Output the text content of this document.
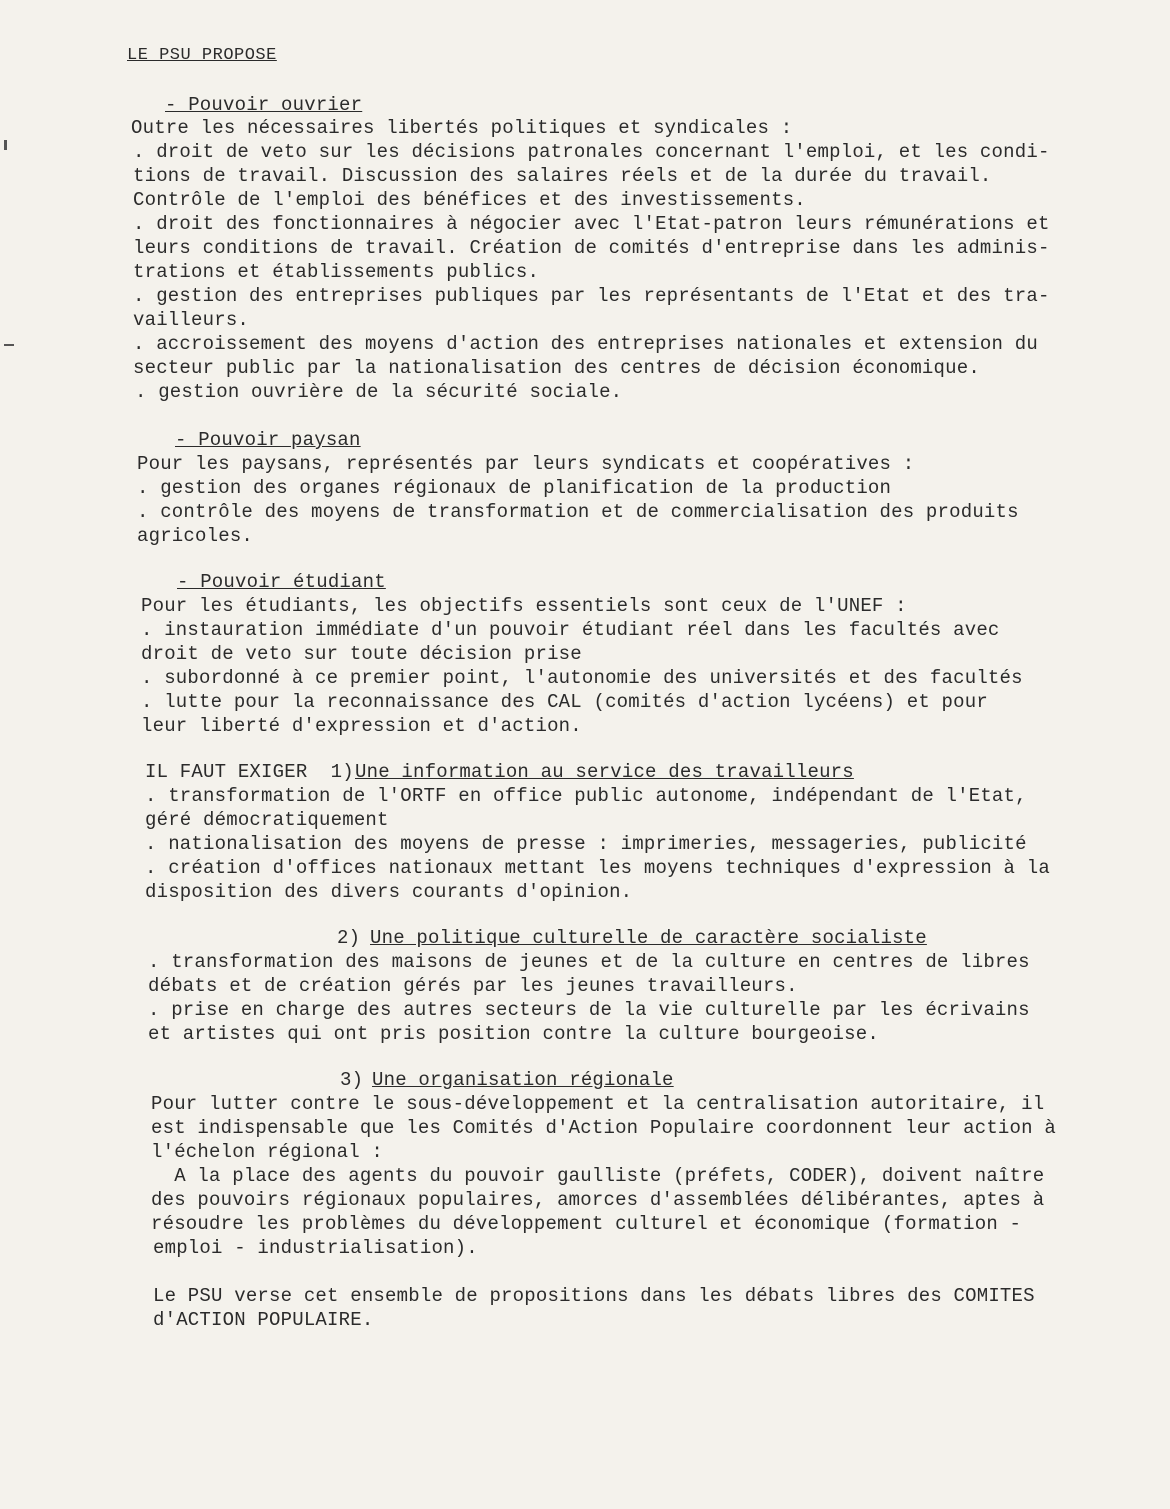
LE PSU PROPOSE
- Pouvoir ouvrier
Outre les nécessaires libertés politiques et syndicales :
. droit de veto sur les décisions patronales concernant l'emploi, et les condi-
tions de travail. Discussion des salaires réels et de la durée du travail.
Contrôle de l'emploi des bénéfices et des investissements.
. droit des fonctionnaires à négocier avec l'Etat-patron leurs rémunérations et
leurs conditions de travail. Création de comités d'entreprise dans les adminis-
trations et établissements publics.
. gestion des entreprises publiques par les représentants de l'Etat et des tra-
vailleurs.
. accroissement des moyens d'action des entreprises nationales et extension du
secteur public par la nationalisation des centres de décision économique.
. gestion ouvrière de la sécurité sociale.
- Pouvoir paysan
Pour les paysans, représentés par leurs syndicats et coopératives :
. gestion des organes régionaux de planification de la production
. contrôle des moyens de transformation et de commercialisation des produits
agricoles.
- Pouvoir étudiant
Pour les étudiants, les objectifs essentiels sont ceux de l'UNEF :
. instauration immédiate d'un pouvoir étudiant réel dans les facultés avec
droit de veto sur toute décision prise
. subordonné à ce premier point, l'autonomie des universités et des facultés
. lutte pour la reconnaissance des CAL (comités d'action lycéens) et pour
leur liberté d'expression et d'action.
IL FAUT EXIGER  1) Une information au service des travailleurs
. transformation de l'ORTF en office public autonome, indépendant de l'Etat,
géré démocratiquement
. nationalisation des moyens de presse : imprimeries, messageries, publicité
. création d'offices nationaux mettant les moyens techniques d'expression à la
disposition des divers courants d'opinion.
2)
Une politique culturelle de caractère socialiste
. transformation des maisons de jeunes et de la culture en centres de libres
débats et de création gérés par les jeunes travailleurs.
. prise en charge des autres secteurs de la vie culturelle par les écrivains
et artistes qui ont pris position contre la culture bourgeoise.
3)
Une organisation régionale
Pour lutter contre le sous-développement et la centralisation autoritaire, il
est indispensable que les Comités d'Action Populaire coordonnent leur action à
l'échelon régional :
A la place des agents du pouvoir gaulliste (préfets, CODER), doivent naître
des pouvoirs régionaux populaires, amorces d'assemblées délibérantes, aptes à
résoudre les problèmes du développement culturel et économique (formation -
emploi - industrialisation).
Le PSU verse cet ensemble de propositions dans les débats libres des COMITES
d'ACTION POPULAIRE.
